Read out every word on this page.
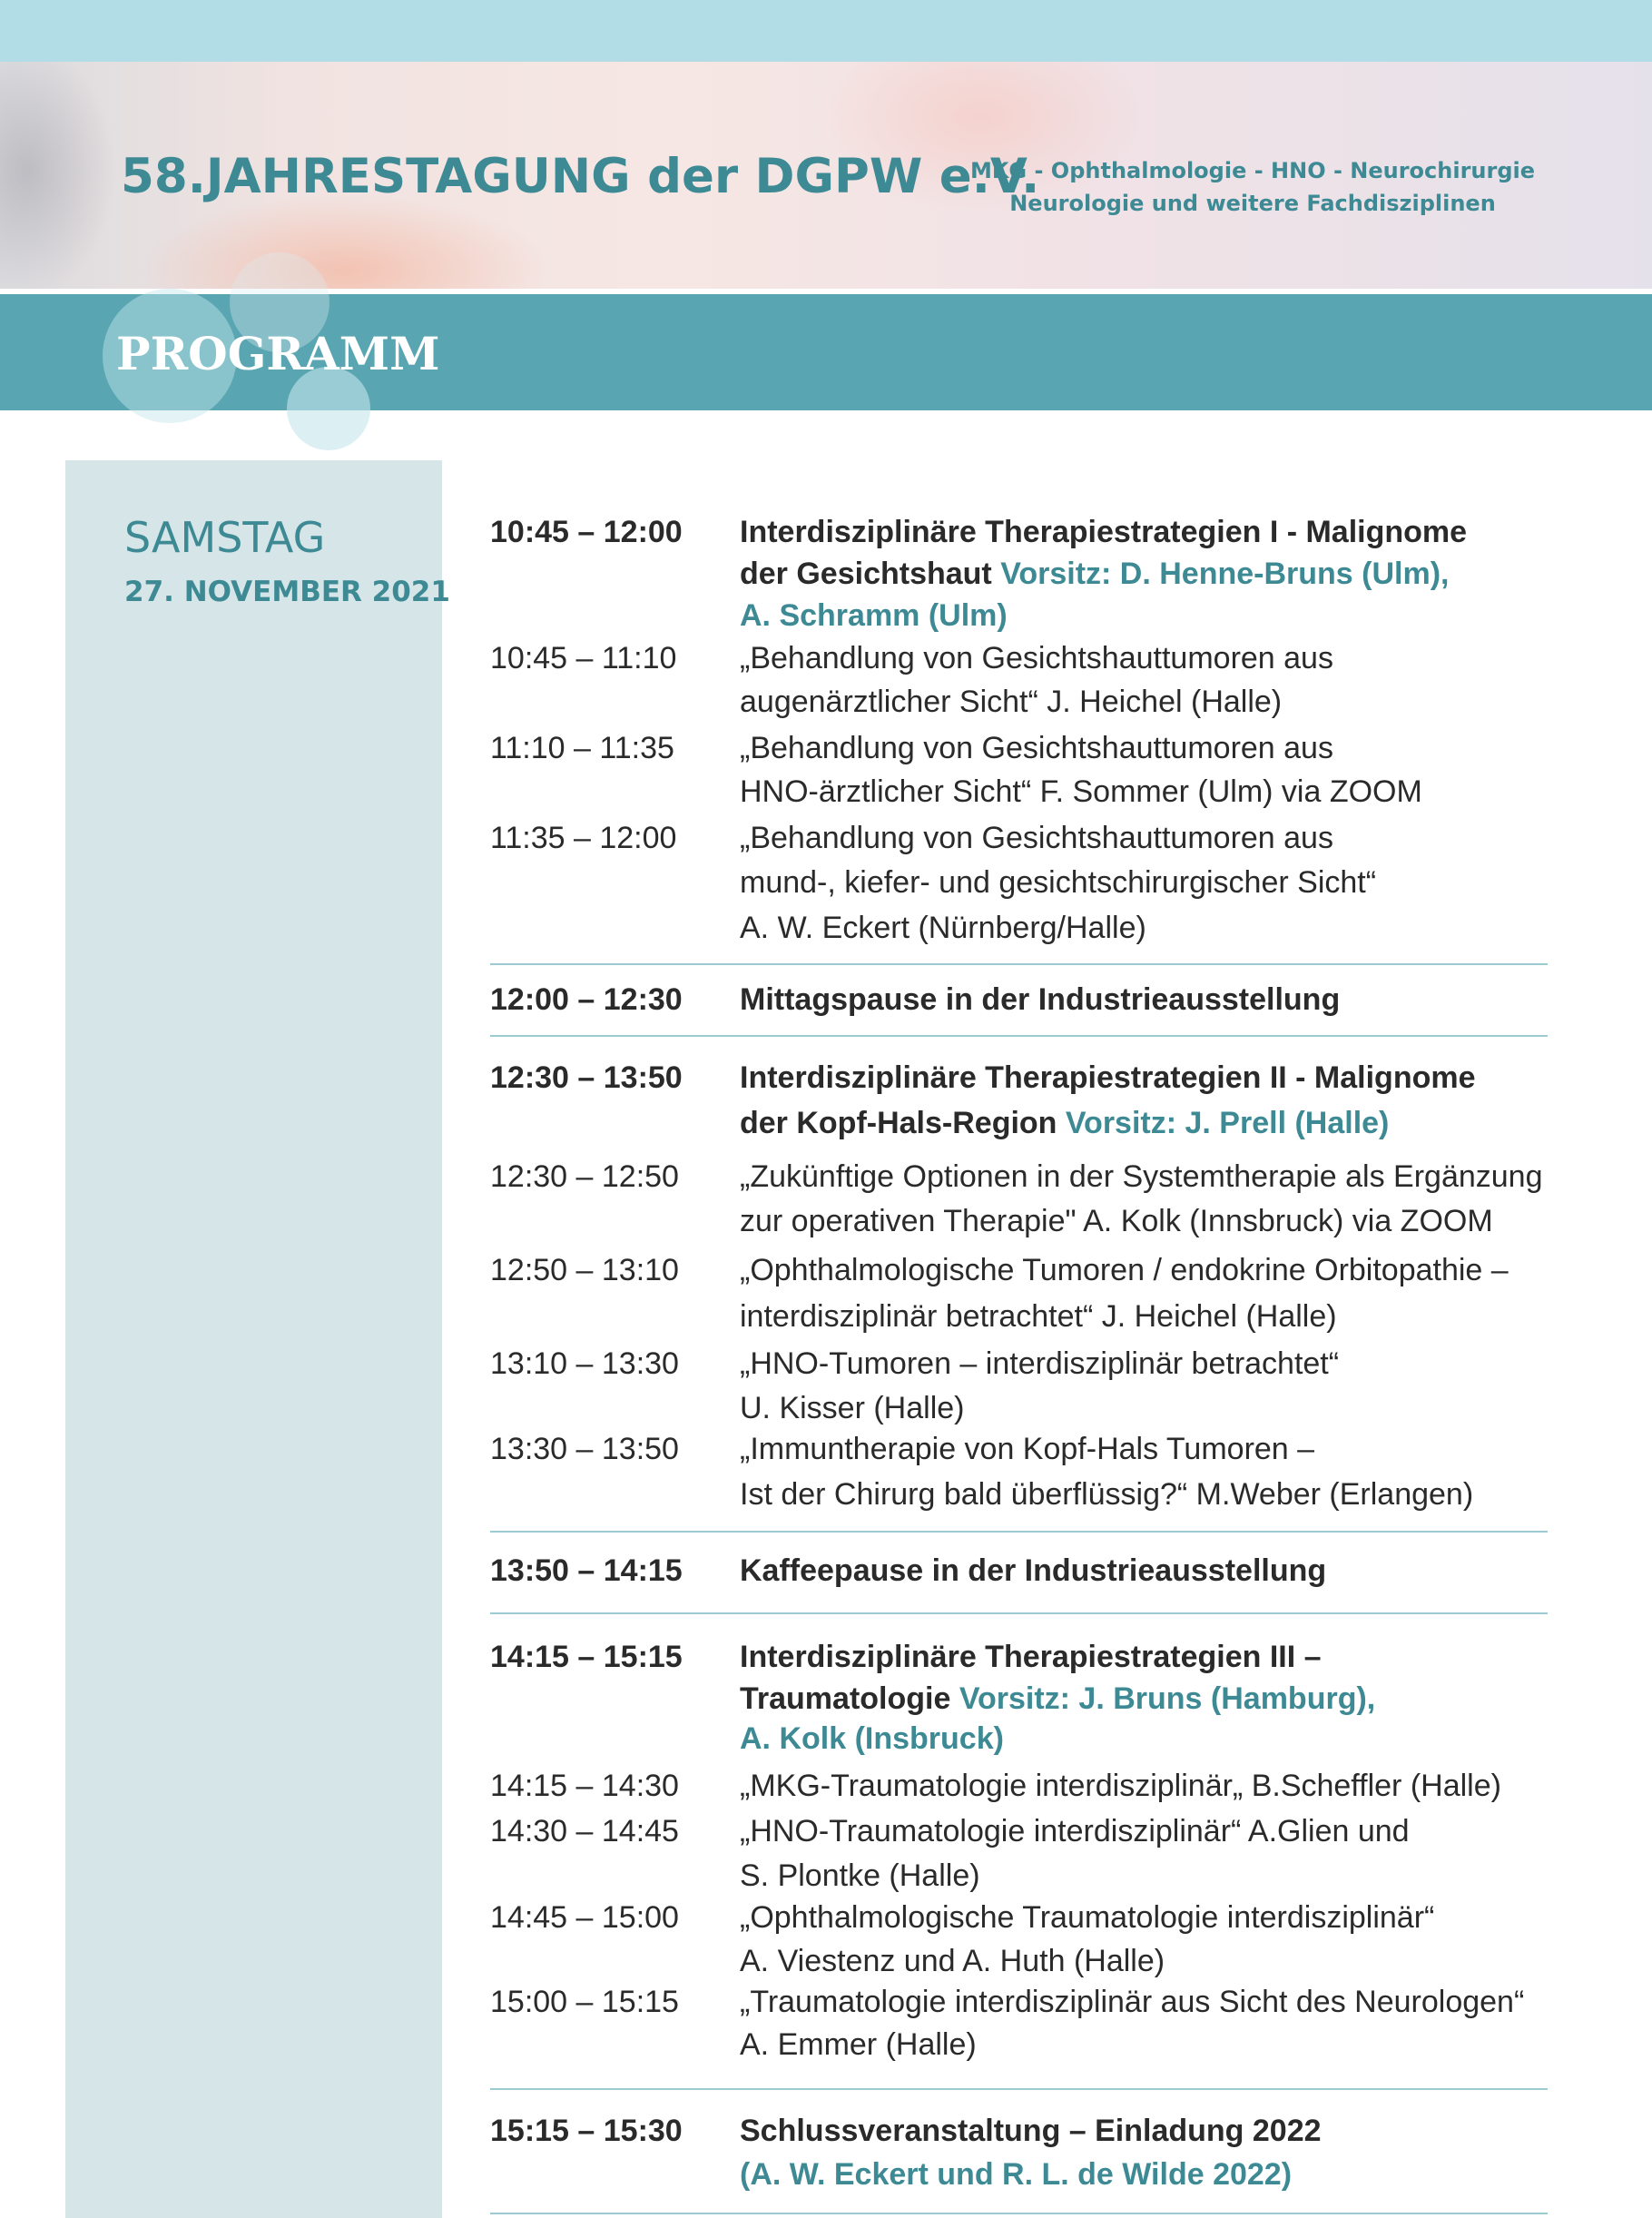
58.JAHRESTAGUNG der DGPW e.V.
MKG - Ophthalmologie - HNO - Neurochirurgie
Neurologie und weitere Fachdisziplinen
PROGRAMM
SAMSTAG
27. NOVEMBER 2021
10:45 – 12:00 Interdisziplinäre Therapiestrategien I - Malignome
der Gesichtshaut Vorsitz: D. Henne-Bruns (Ulm),
A. Schramm (Ulm)
10:45 – 11:10 „Behandlung von Gesichtshauttumoren aus
augenärztlicher Sicht“ J. Heichel (Halle)
11:10 – 11:35 „Behandlung von Gesichtshauttumoren aus
HNO-ärztlicher Sicht“ F. Sommer (Ulm) via ZOOM
11:35 – 12:00 „Behandlung von Gesichtshauttumoren aus
mund-, kiefer- und gesichtschirurgischer Sicht“
A. W. Eckert (Nürnberg/Halle)
12:00 – 12:30 Mittagspause in der Industrieausstellung
12:30 – 13:50 Interdisziplinäre Therapiestrategien II - Malignome
der Kopf-Hals-Region Vorsitz: J. Prell (Halle)
12:30 – 12:50 „Zukünftige Optionen in der Systemtherapie als Ergänzung
zur operativen Therapie" A. Kolk (Innsbruck) via ZOOM
12:50 – 13:10 „Ophthalmologische Tumoren / endokrine Orbitopathie –
interdisziplinär betrachtet“ J. Heichel (Halle)
13:10 – 13:30 „HNO-Tumoren – interdisziplinär betrachtet“
U. Kisser (Halle)
13:30 – 13:50 „Immuntherapie von Kopf-Hals Tumoren –
Ist der Chirurg bald überflüssig?“ M.Weber (Erlangen)
13:50 – 14:15 Kaffeepause in der Industrieausstellung
14:15 – 15:15 Interdisziplinäre Therapiestrategien III –
Traumatologie Vorsitz: J. Bruns (Hamburg),
A. Kolk (Insbruck)
14:15 – 14:30 „MKG-Traumatologie interdisziplinär„ B.Scheffler (Halle)
14:30 – 14:45 „HNO-Traumatologie interdisziplinär“ A.Glien und
S. Plontke (Halle)
14:45 – 15:00 „Ophthalmologische Traumatologie interdisziplinär“
A. Viestenz und A. Huth (Halle)
15:00 – 15:15 „Traumatologie interdisziplinär aus Sicht des Neurologen“
A. Emmer (Halle)
15:15 – 15:30 Schlussveranstaltung – Einladung 2022
(A. W. Eckert und R. L. de Wilde 2022)
